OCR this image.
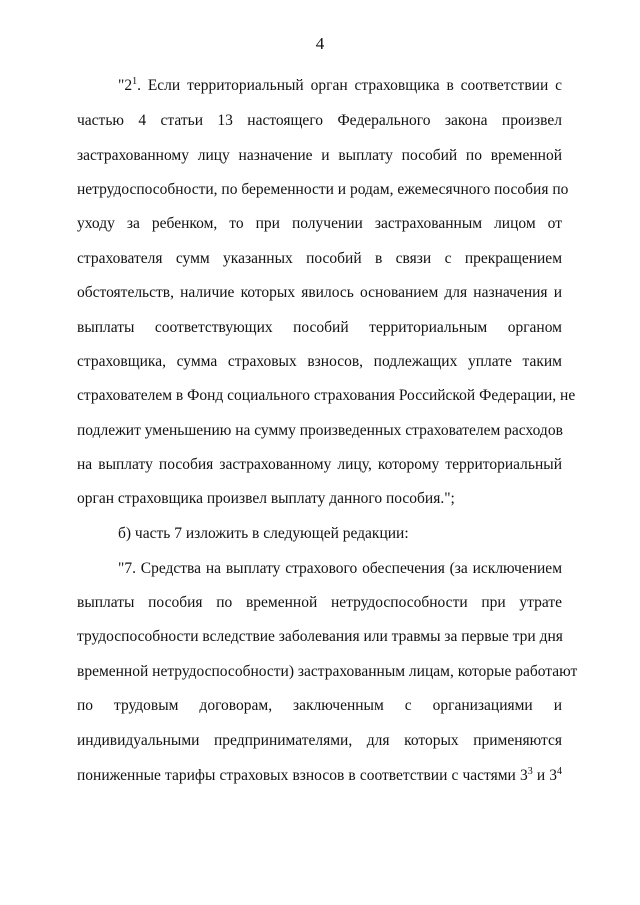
4
"$2^1$. Если территориальный орган страховщика в соответствии с
частью 4 статьи 13 настоящего Федерального закона произвел
застрахованному лицу назначение и выплату пособий по временной
нетрудоспособности, по беременности и родам, ежемесячного пособия по
уходу за ребенком, то при получении застрахованным лицом от
страхователя сумм указанных пособий в связи с прекращением
обстоятельств, наличие которых явилось основанием для назначения и
выплаты соответствующих пособий территориальным органом
страховщика, сумма страховых взносов, подлежащих уплате таким
страхователем в Фонд социального страхования Российской Федерации, не
подлежит уменьшению на сумму произведенных страхователем расходов
на выплату пособия застрахованному лицу, которому территориальный
орган страховщика произвел выплату данного пособия.";
б) часть 7 изложить в следующей редакции:
"7. Средства на выплату страхового обеспечения (за исключением
выплаты пособия по временной нетрудоспособности при утрате
трудоспособности вследствие заболевания или травмы за первые три дня
временной нетрудоспособности) застрахованным лицам, которые работают
по трудовым договорам, заключенным с организациями и
индивидуальными предпринимателями, для которых применяются
пониженные тарифы страховых взносов в соответствии с частями $3^3$ и $3^4$
